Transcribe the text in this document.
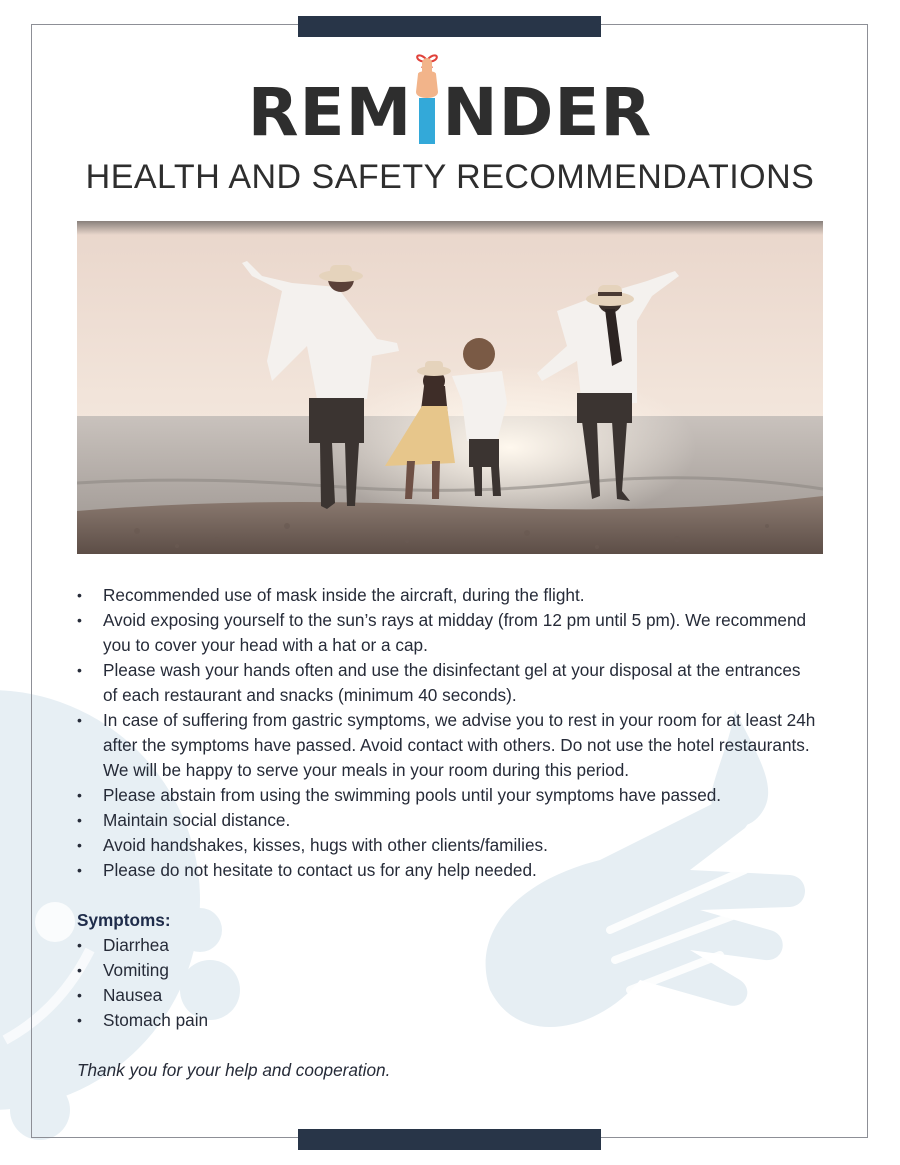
REM NDER
HEALTH AND SAFETY RECOMMENDATIONS
• Recommended use of mask inside the aircraft, during the flight.
• Avoid exposing yourself to the sun’s rays at midday (from 12 pm until 5 pm). We recommend you to cover your head with a hat or a cap.
• Please wash your hands often and use the disinfectant gel at your disposal at the entrances of each restaurant and snacks (minimum 40 seconds).
• In case of suffering from gastric symptoms, we advise you to rest in your room for at least 24h after the symptoms have passed. Avoid contact with others. Do not use the hotel restaurants. We will be happy to serve your meals in your room during this period.
• Please abstain from using the swimming pools until your symptoms have passed.
• Maintain social distance.
• Avoid handshakes, kisses, hugs with other clients/families.
• Please do not hesitate to contact us for any help needed.
Symptoms:
• Diarrhea
• Vomiting
• Nausea
• Stomach pain
Thank you for your help and cooperation.
